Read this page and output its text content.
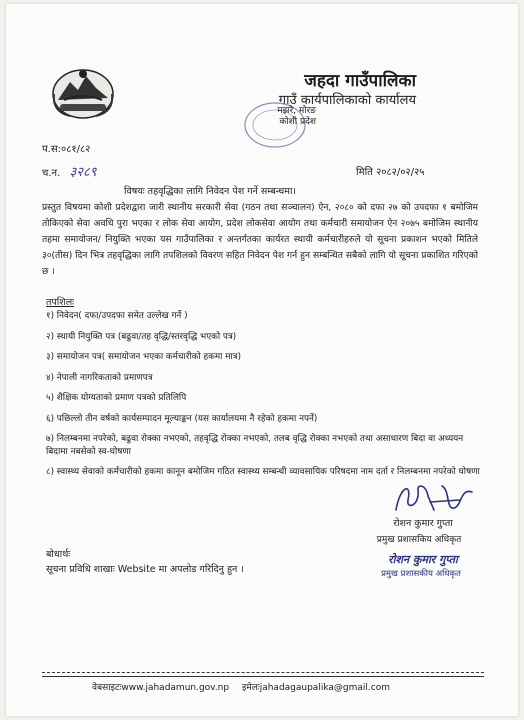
जहदा गाउँपालिका
गाउँ कार्यपालिकाको कार्यालय
मझरे, मोरङ
कोशी प्रदेश
प.स:०८१/८२
च.न. ३२८९	मिति २०८२/०२/२५
विषयः तहवृद्धिका लागि निवेदन पेश गर्ने सम्बन्धमा।
प्रस्तुत विषयमा कोशी प्रदेशद्वारा जारी स्थानीय सरकारी सेवा (गठन तथा सञ्चालन) ऐन, २०८० को दफा २७ को उपदफा १ बमोजिम तोकिएको सेवा अवधि पुरा भएका र लोक सेवा आयोग, प्रदेश लोकसेवा आयोग तथा कर्मचारी समायोजन ऐन २०७५ बमोजिम स्थानीय तहमा समायोजन/ नियुक्ति भएका यस गाउँपालिका र अन्तर्गतका कार्यरत स्थायी कर्मचारीहरुले यो सूचना प्रकाशन भएको मितिले ३०(तीस) दिन भित्र तहवृद्धिका लागि तपशिलको विवरण सहित निवेदन पेश गर्न हुन सम्बन्धित सबैको लागि यो सूचना प्रकाशित गरिएको छ ।
तपशिलः

१) निवेदन( दफा/उपदफा समेत उल्लेख गर्ने )

२) स्थायी नियुक्ति पत्र (बढुवा/तह वृद्धि/स्तरवृद्धि भएको पत्र)

३) समायोजन पत्र( समायोजन भएका कर्मचारीको हकमा मात्र)

४) नेपाली नागरिकताको प्रमाणपत्र

५) शैक्षिक योग्यताको प्रमाण पत्रको प्रतिलिपि

६) पछिल्लो तीन वर्षको कार्यसम्पादन मूल्याङ्कन (यस कार्यालयमा नै रहेको हकमा नपर्ने)

७) निलम्बनमा नपरेको, बढुवा रोक्का नभएको, तहवृद्धि रोक्का नभएको, तलब वृद्धि रोक्का नभएको तथा असाधारण बिदा वा अध्ययन बिदामा नबसेको स्व-घोषणा

८) स्वास्थ्य सेवाको कर्मचारीको हकमा कानून बमोजिम गठित स्वास्थ्य सम्बन्धी व्यावसायिक परिषदमा नाम दर्ता र निलम्बनमा नपरेको घोषणा

रोशन कुमार गुप्ता
प्रमुख प्रशासकिय अधिकृत
रोशन कुमार गुप्ता
प्रमुख प्रशासकीय अधिकृत
बोधार्थः
सूचना प्रविधि शाखाः Website मा अपलोड गरिदिनु हुन ।
वेबसाइटःwww.jahadamun.gov.np इमेलःjahadagaupalika@gmail.com
